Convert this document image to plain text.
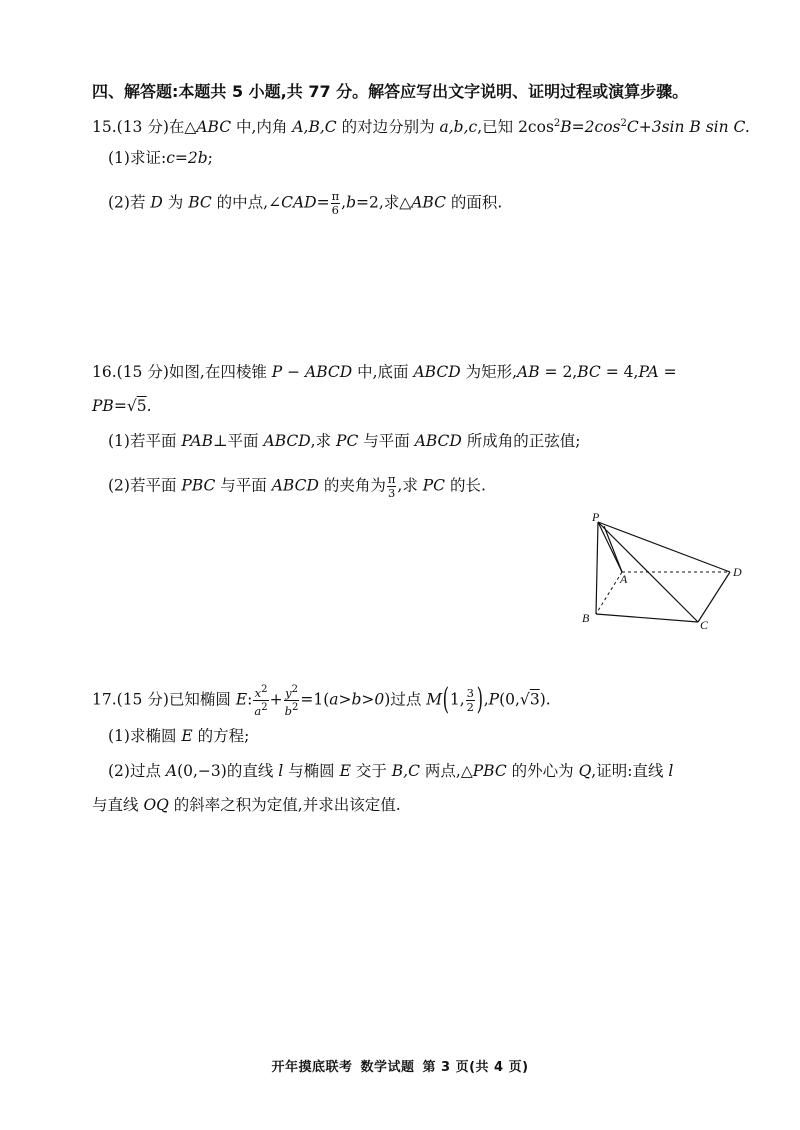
四、解答题:本题共 5 小题,共 77 分。解答应写出文字说明、证明过程或演算步骤。
15.(13 分)在△ABC 中,内角 A,B,C 的对边分别为 a,b,c,已知 $2\cos^2B=2\cos^2C+3\sin$ B sin C.
(1)求证:c=2b;
(2)若 D 为 BC 的中点,∠CAD= $\frac{\pi}{6} ,b=2$,求△ABC 的面积.
16.(15 分)如图,在四棱锥 P − ABCD 中,底面 ABCD 为矩形,AB = 2,BC = 4,PA =
PB=√5.
(1)若平面 PAB⊥平面 ABCD,求 PC 与平面 ABCD 所成角的正弦值;
(2)若平面 PBC 与平面 ABCD 的夹角为 $\frac{\pi}{3}$ ,求 PC 的长.
P
A
B	C
D
17.(15 分)已知椭圆 E: $\frac{x^2}{a^2} + \frac{y^2}{b^2} =1(a>b>0)$过点 M(1, $\frac{3}{2} ),P(0,√3)$.
(1)求椭圆 E 的方程;
(2)过点 A(0,−3)的直线 l 与椭圆 E 交于 B,C 两点,△PBC 的外心为 Q,证明:直线 l
与直线 OQ 的斜率之积为定值,并求出该定值.
开年摸底联考 数学试题 第 3 页(共 4 页)
